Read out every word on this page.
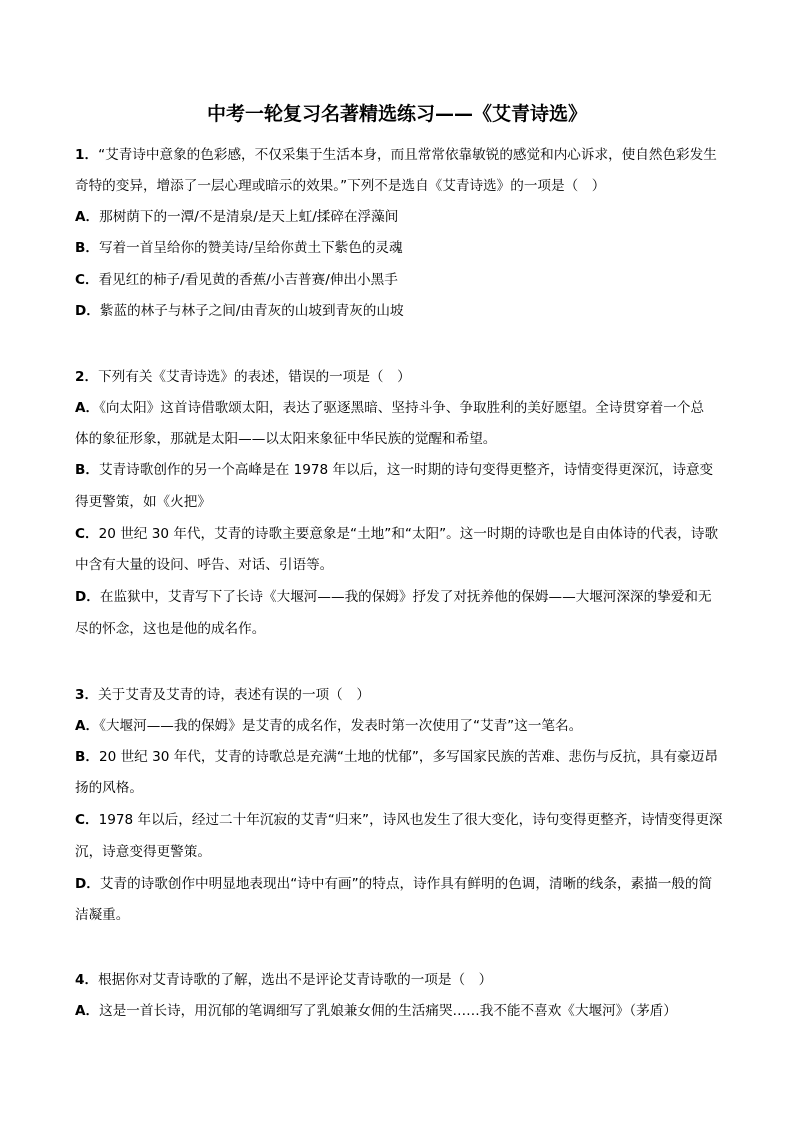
中考一轮复习名著精选练习——《艾青诗选》
1．“艾青诗中意象的色彩感，不仅采集于生活本身，而且常常依靠敏锐的感觉和内心诉求，使自然色彩发生
奇特的变异，增添了一层心理或暗示的效果。”下列不是选自《艾青诗选》的一项是（　）
A．那树荫下的一潭/不是清泉/是天上虹/揉碎在浮藻间
B．写着一首呈给你的赞美诗/呈给你黄土下紫色的灵魂
C．看见红的柿子/看见黄的香蕉/小吉普赛/伸出小黑手
D．紫蓝的林子与林子之间/由青灰的山坡到青灰的山坡
2．下列有关《艾青诗选》的表述，错误的一项是（　）
A．《向太阳》这首诗借歌颂太阳，表达了驱逐黑暗、坚持斗争、争取胜利的美好愿望。全诗贯穿着一个总
体的象征形象，那就是太阳——以太阳来象征中华民族的觉醒和希望。
B．艾青诗歌创作的另一个高峰是在 1978 年以后，这一时期的诗句变得更整齐，诗情变得更深沉，诗意变
得更警策，如《火把》
C．20 世纪 30 年代，艾青的诗歌主要意象是“土地”和“太阳”。这一时期的诗歌也是自由体诗的代表，诗歌
中含有大量的设问、呼告、对话、引语等。
D．在监狱中，艾青写下了长诗《大堰河——我的保姆》抒发了对抚养他的保姆——大堰河深深的挚爱和无
尽的怀念，这也是他的成名作。
3．关于艾青及艾青的诗，表述有误的一项（　）
A．《大堰河——我的保姆》是艾青的成名作，发表时第一次使用了“艾青”这一笔名。
B．20 世纪 30 年代，艾青的诗歌总是充满“土地的忧郁”，多写国家民族的苦难、悲伤与反抗，具有豪迈昂
扬的风格。
C．1978 年以后，经过二十年沉寂的艾青“归来”，诗风也发生了很大变化，诗句变得更整齐，诗情变得更深
沉，诗意变得更警策。
D．艾青的诗歌创作中明显地表现出“诗中有画”的特点，诗作具有鲜明的色调，清晰的线条，素描一般的简
洁凝重。
4．根据你对艾青诗歌的了解，选出不是评论艾青诗歌的一项是（　）
A．这是一首长诗，用沉郁的笔调细写了乳娘兼女佣的生活痛哭……我不能不喜欢《大堰河》（茅盾）
